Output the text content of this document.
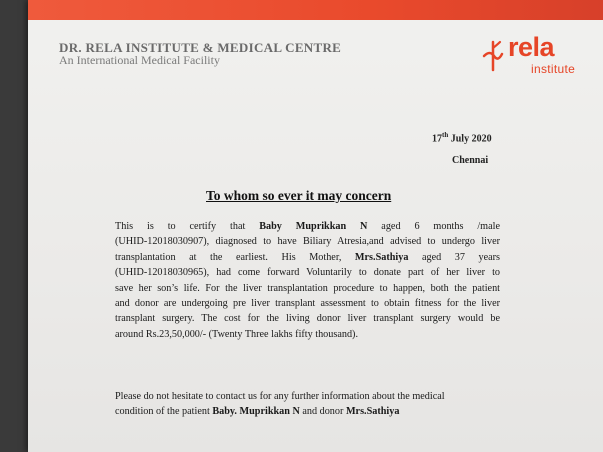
DR. RELA INSTITUTE & MEDICAL CENTRE
An International Medical Facility	rela
institute
17th July 2020
Chennai
To whom so ever it may concern
This is to certify that Baby Muprikkan N aged 6 months /male
(UHID-12018030907), diagnosed to have Biliary Atresia,and advised to undergo liver
transplantation at the earliest. His Mother, Mrs.Sathiya aged 37 years
(UHID-12018030965), had come forward Voluntarily to donate part of her liver to
save her son’s life. For the liver transplantation procedure to happen, both the patient
and donor are undergoing pre liver transplant assessment to obtain fitness for the liver
transplant surgery. The cost for the living donor liver transplant surgery would be
around Rs.23,50,000/- (Twenty Three lakhs fifty thousand).
Please do not hesitate to contact us for any further information about the medical
condition of the patient Baby. Muprikkan N and donor Mrs.Sathiya
